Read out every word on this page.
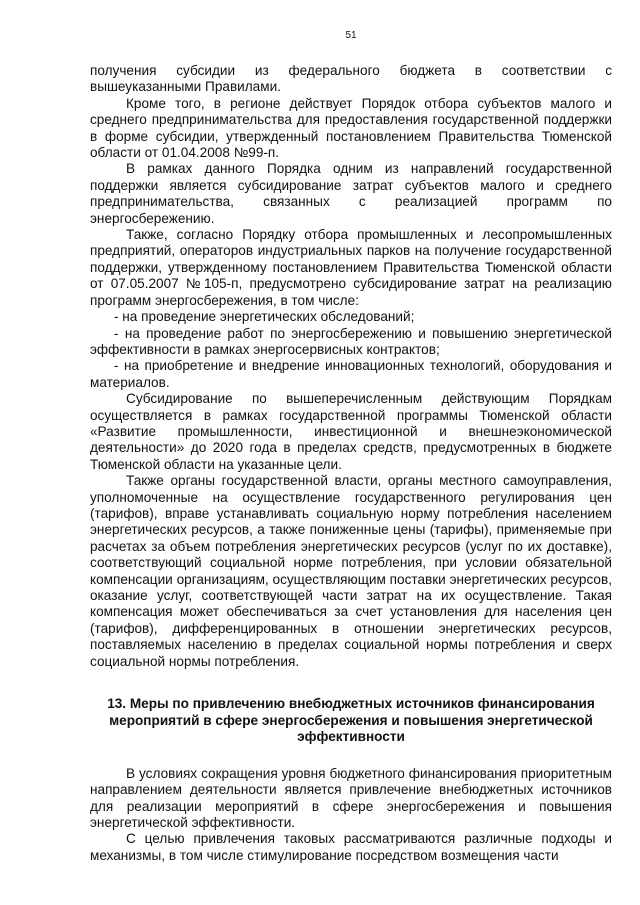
51

получения субсидии из федерального бюджета в соответствии с вышеуказанными Правилами.

Кроме того, в регионе действует Порядок отбора субъектов малого и среднего предпринимательства для предоставления государственной поддержки в форме субсидии, утвержденный постановлением Правительства Тюменской области от 01.04.2008 №99-п.

В рамках данного Порядка одним из направлений государственной поддержки является субсидирование затрат субъектов малого и среднего предпринимательства, связанных с реализацией программ по энергосбережению.

Также, согласно Порядку отбора промышленных и лесопромышленных предприятий, операторов индустриальных парков на получение государственной поддержки, утвержденному постановлением Правительства Тюменской области от 07.05.2007 №105-п, предусмотрено субсидирование затрат на реализацию программ энергосбережения, в том числе:

- на проведение энергетических обследований;

- на проведение работ по энергосбережению и повышению энергетической эффективности в рамках энергосервисных контрактов;

- на приобретение и внедрение инновационных технологий, оборудования и материалов.

Субсидирование по вышеперечисленным действующим Порядкам осуществляется в рамках государственной программы Тюменской области «Развитие промышленности, инвестиционной и внешнеэкономической деятельности» до 2020 года в пределах средств, предусмотренных в бюджете Тюменской области на указанные цели.

Также органы государственной власти, органы местного самоуправления, уполномоченные на осуществление государственного регулирования цен (тарифов), вправе устанавливать социальную норму потребления населением энергетических ресурсов, а также пониженные цены (тарифы), применяемые при расчетах за объем потребления энергетических ресурсов (услуг по их доставке), соответствующий социальной норме потребления, при условии обязательной компенсации организациям, осуществляющим поставки энергетических ресурсов, оказание услуг, соответствующей части затрат на их осуществление. Такая компенсация может обеспечиваться за счет установления для населения цен (тарифов), дифференцированных в отношении энергетических ресурсов, поставляемых населению в пределах социальной нормы потребления и сверх социальной нормы потребления.

13. Меры по привлечению внебюджетных источников финансирования мероприятий в сфере энергосбережения и повышения энергетической эффективности

В условиях сокращения уровня бюджетного финансирования приоритетным направлением деятельности является привлечение внебюджетных источников для реализации мероприятий в сфере энергосбережения и повышения энергетической эффективности.

С целью привлечения таковых рассматриваются различные подходы и механизмы, в том числе стимулирование посредством возмещения части
